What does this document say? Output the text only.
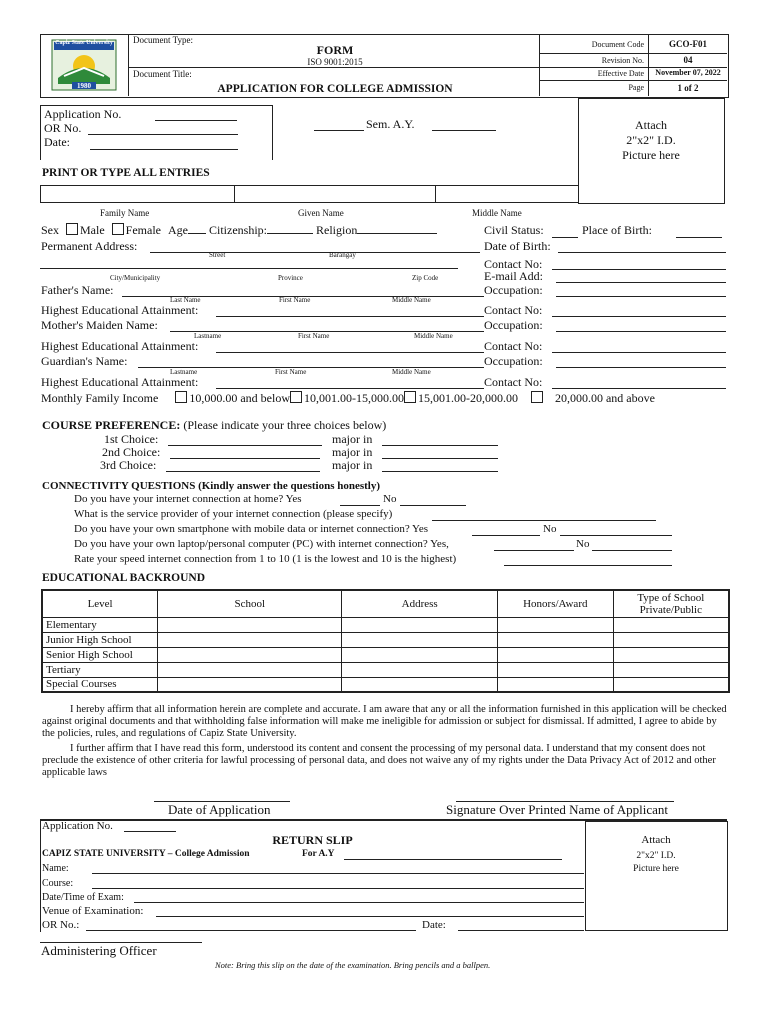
Capiz State University
1980
Document Type:
FORM
ISO 9001:2015
Document Title:
APPLICATION FOR COLLEGE ADMISSION
Document Code	GCO-F01
Revision No.	04
Effective Date	November 07, 2022
Page	1 of 2
Application No.
OR No.
Date:
Sem. A.Y.	Attach
2"x2" I.D.
Picture here
PRINT OR TYPE ALL ENTRIES
Family Name	Given Name	Middle Name
Sex Male Female Age Citizenship:	Religion	Civil Status:	Place of Birth:
Permanent Address:
Street	Barangay
Date of Birth:
Contact No:
E-mail Add:
City/Municipality	Province	Zip Code
Father's Name:	Occupation:
Last Name	First Name	Middle Name
Highest Educational Attainment:	Contact No:
Mother's Maiden Name:	Occupation:
Lastname	First Name	Middle Name
Highest Educational Attainment:	Contact No:
Guardian's Name:	Occupation:
Lastname	First Name	Middle Name
Highest Educational Attainment:	Contact No:
Monthly Family Income	10,000.00 and below 10,001.00-15,000.00 15,001.00-20,000.00	20,000.00 and above
COURSE PREFERENCE: (Please indicate your three choices below)
1st Choice:	major in
2nd Choice:	major in
3rd Choice:	major in
CONNECTIVITY QUESTIONS (Kindly answer the questions honestly)
Do you have your internet connection at home? Yes	No
What is the service provider of your internet connection (please specify)
Do you have your own smartphone with mobile data or internet connection? Yes	No
Do you have your own laptop/personal computer (PC) with internet connection? Yes,	No
Rate your speed internet connection from 1 to 10 (1 is the lowest and 10 is the highest)
EDUCATIONAL BACKROUND
Level	School	Address	Honors/Award	Type of School Private/Public
Elementary				
Junior High School				
Senior High School				
Tertiary				
Special Courses				
I hereby affirm that all information herein are complete and accurate. I am aware that any or all the information furnished in this application will be checked against original documents and that withholding false information will make me ineligible for admission or subject for dismissal. If admitted, I agree to abide by the policies, rules, and regulations of Capiz State University.
I further affirm that I have read this form, understood its content and consent the processing of my personal data. I understand that my consent does not preclude the existence of other criteria for lawful processing of personal data, and does not waive any of my rights under the Data Privacy Act of 2012 and other applicable laws
Date of Application	Signature Over Printed Name of Applicant
Application No.
RETURN SLIP
CAPIZ STATE UNIVERSITY – College Admission	For A.Y
Name:
Course:
Date/Time of Exam:
Venue of Examination:
OR No.:	Date:
Attach
2"x2" I.D.
Picture here
Administering Officer
Note: Bring this slip on the date of the examination. Bring pencils and a ballpen.
